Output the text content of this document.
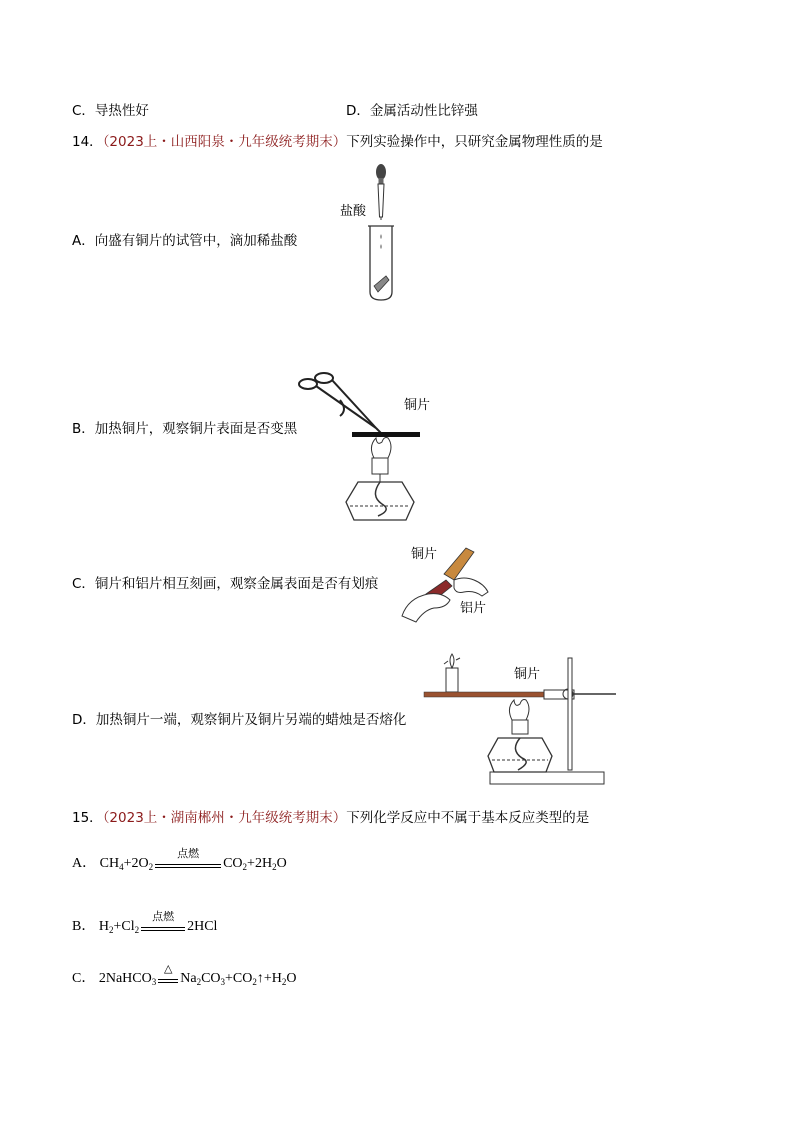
C．导热性好	D．金属活动性比锌强
14．（2023上・山西阳泉・九年级统考期末）下列实验操作中，只研究金属物理性质的是
A．向盛有铜片的试管中，滴加稀盐酸
盐酸
B．加热铜片，观察铜片表面是否变黑
铜片
C．铜片和铝片相互刻画，观察金属表面是否有划痕
铜片
铝片
D．加热铜片一端，观察铜片及铜片另端的蜡烛是否熔化
铜片
15．（2023上・湖南郴州・九年级统考期末）下列化学反应中不属于基本反应类型的是
A． $CH_4+2O_2$
点燃
$CO_2+2H_2O$
B． $H_2+Cl_2$
点燃
2HCl
C． 2NaHCO$_3$
△
$Na_2CO_3+CO_2↑+H_2O$
